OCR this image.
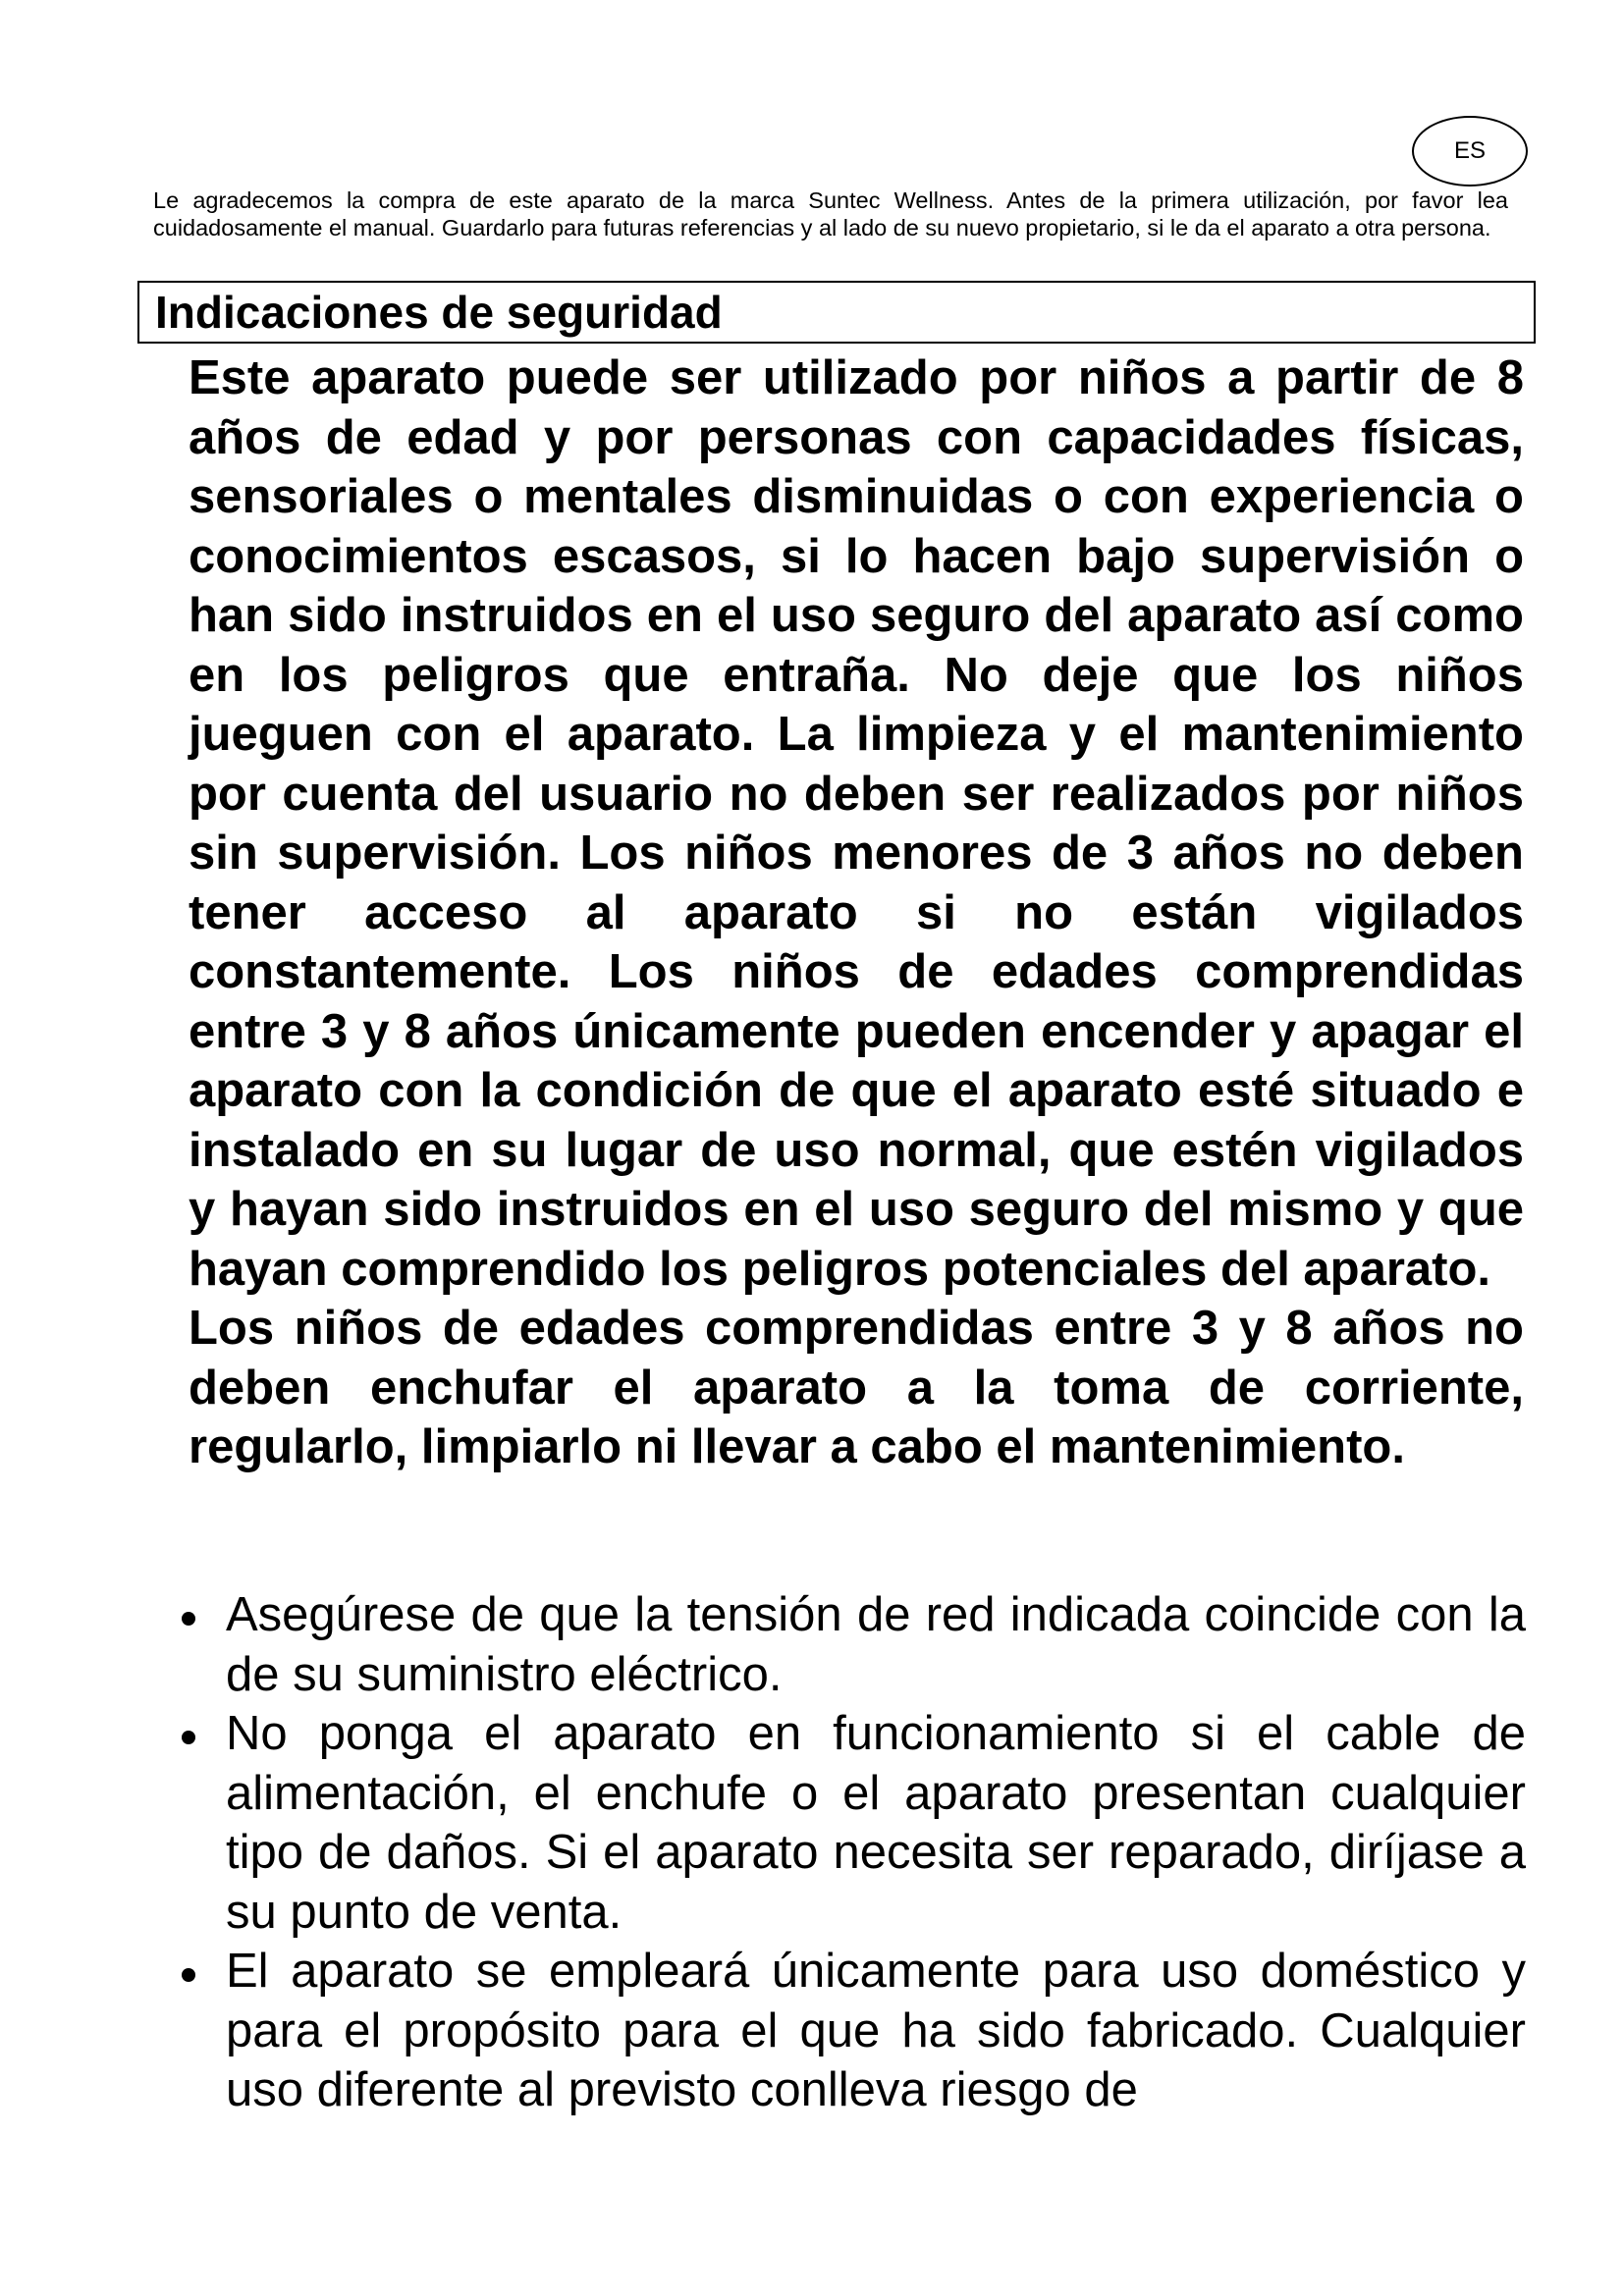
ES

Le agradecemos la compra de este aparato de la marca Suntec Wellness. Antes de la primera utilización, por favor lea cuidadosamente el manual. Guardarlo para futuras referencias y al lado de su nuevo propietario, si le da el aparato a otra persona.

Indicaciones de seguridad

Este aparato puede ser utilizado por niños a partir de 8 años de edad y por personas con capacidades físicas, sensoriales o mentales disminuidas o con experiencia o conocimientos escasos, si lo hacen bajo supervisión o han sido instruidos en el uso seguro del aparato así como en los peligros que entraña. No deje que los niños jueguen con el aparato. La limpieza y el mantenimiento por cuenta del usuario no deben ser realizados por niños sin supervisión. Los niños menores de 3 años no deben tener acceso al aparato si no están vigilados constantemente. Los niños de edades comprendidas entre 3 y 8 años únicamente pueden encender y apagar el aparato con la condición de que el aparato esté situado e instalado en su lugar de uso normal, que estén vigilados y hayan sido instruidos en el uso seguro del mismo y que hayan comprendido los peligros potenciales del aparato.

Los niños de edades comprendidas entre 3 y 8 años no deben enchufar el aparato a la toma de corriente, regularlo, limpiarlo ni llevar a cabo el mantenimiento.

Asegúrese de que la tensión de red indicada coincide con la de su suministro eléctrico.
No ponga el aparato en funcionamiento si el cable de alimentación, el enchufe o el aparato presentan cualquier tipo de daños. Si el aparato necesita ser reparado, diríjase a su punto de venta.
El aparato se empleará únicamente para uso doméstico y para el propósito para el que ha sido fabricado. Cualquier uso diferente al previsto conlleva riesgo de
